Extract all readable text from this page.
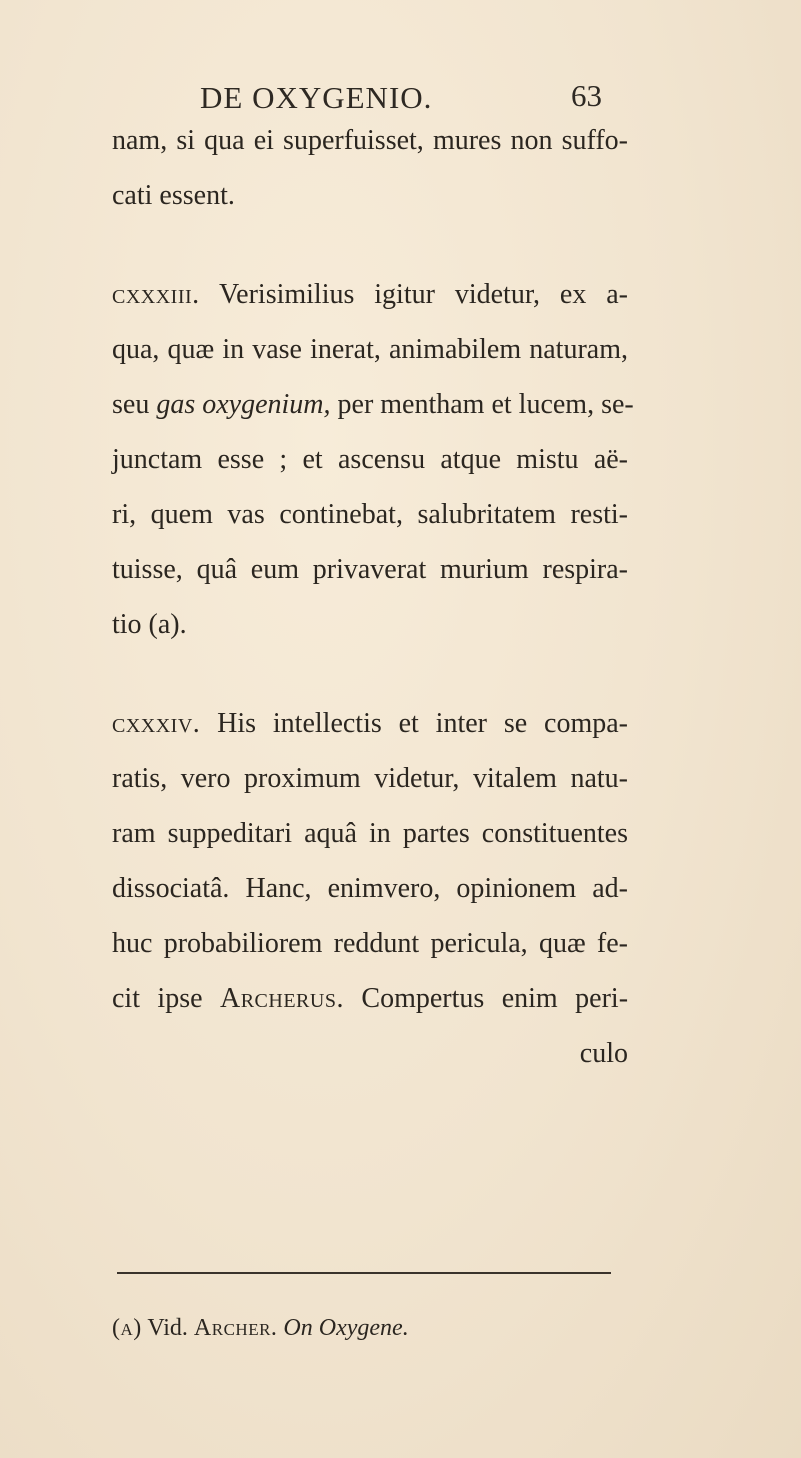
DE OXYGENIO.	63
nam, si qua ei superfuisset, mures non suffo-
cati essent.
cxxxiii. Verisimilius igitur videtur, ex a-
qua, quæ in vase inerat, animabilem naturam,
seu gas oxygenium, per mentham et lucem, se-
junctam esse ; et ascensu atque mistu aë-
ri, quem vas continebat, salubritatem resti-
tuisse, quâ eum privaverat murium respira-
tio (a).
cxxxiv. His intellectis et inter se compa-
ratis, vero proximum videtur, vitalem natu-
ram suppeditari aquâ in partes constituentes
dissociatâ. Hanc, enimvero, opinionem ad-
huc probabiliorem reddunt pericula, quæ fe-
cit ipse Archerus. Compertus enim peri-
culo
(a) Vid. Archer. On Oxygene.
